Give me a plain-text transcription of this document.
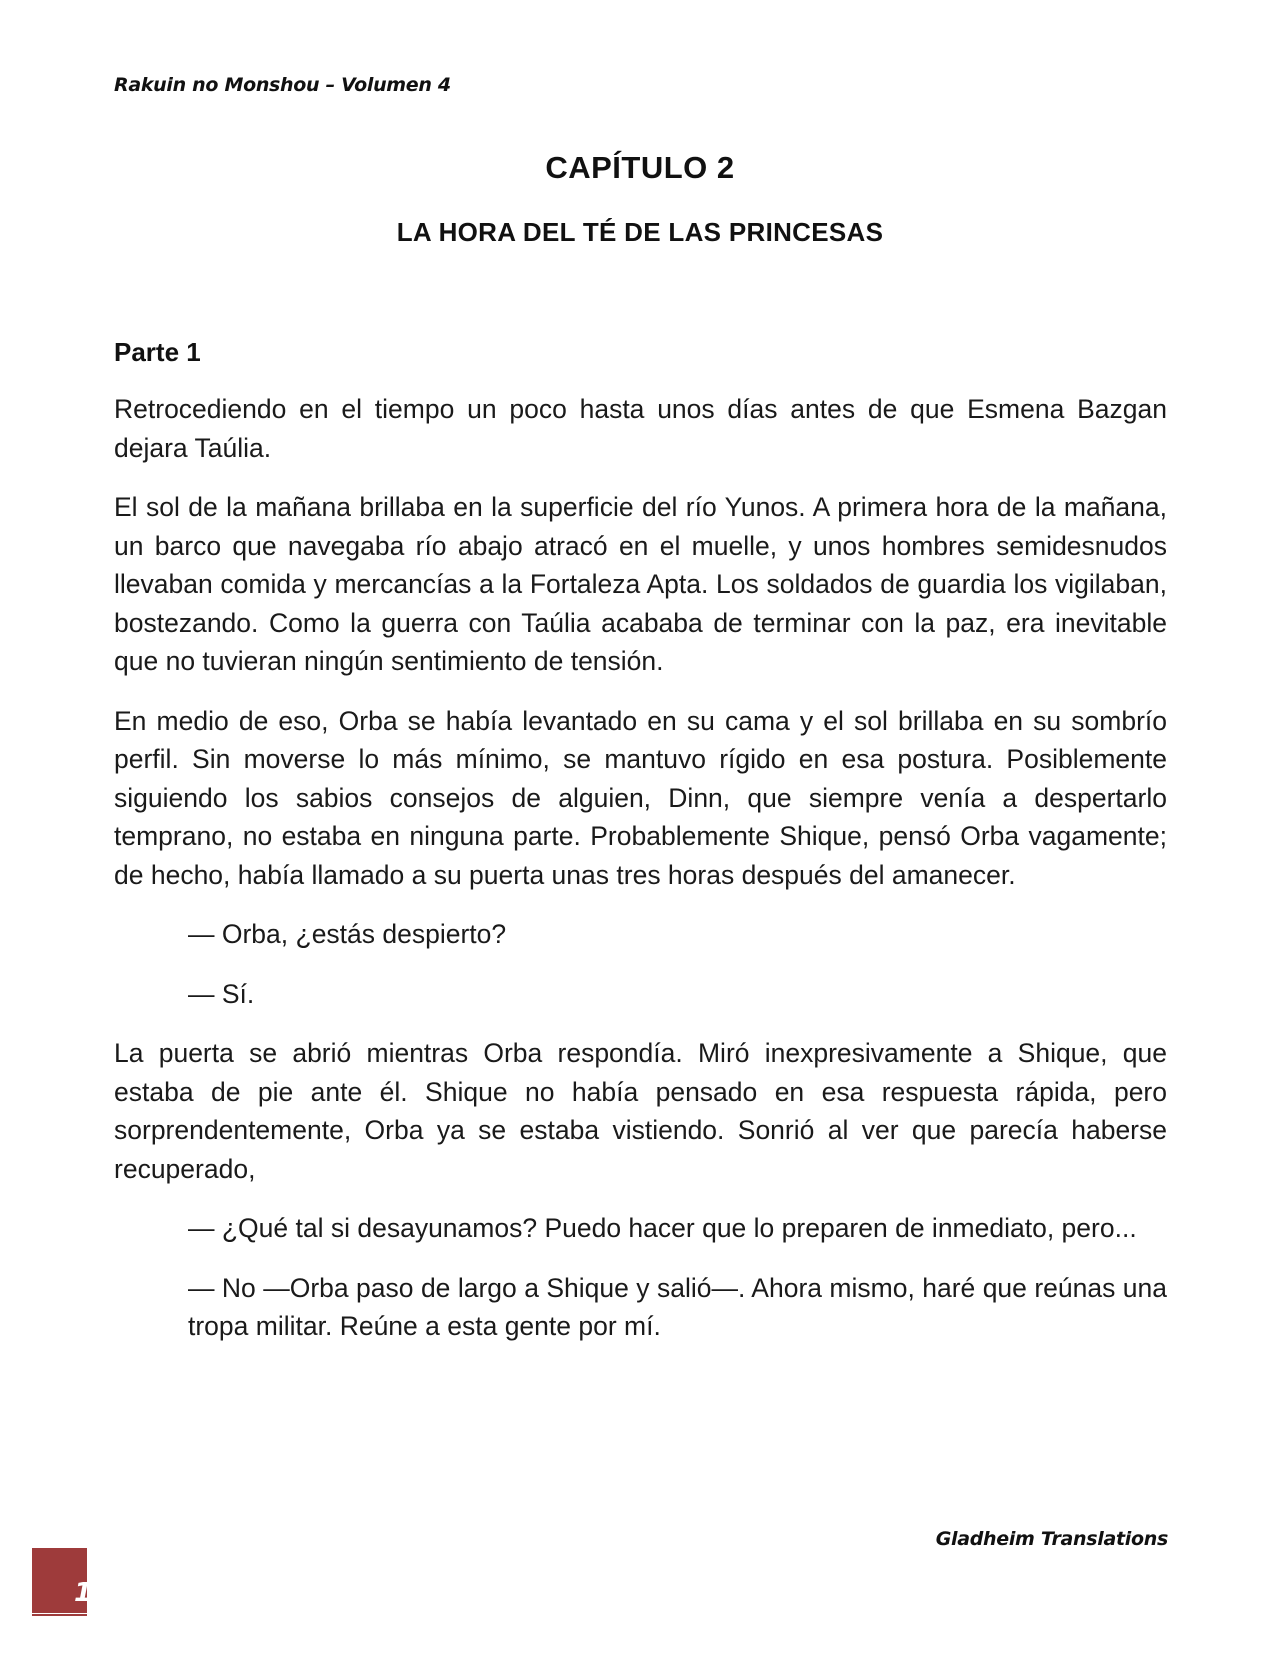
Rakuin no Monshou – Volumen 4
CAPÍTULO 2
LA HORA DEL TÉ DE LAS PRINCESAS
Parte 1

Retrocediendo en el tiempo un poco hasta unos días antes de que Esmena Bazgan dejara Taúlia.

El sol de la mañana brillaba en la superficie del río Yunos. A primera hora de la mañana, un barco que navegaba río abajo atracó en el muelle, y unos hombres semidesnudos llevaban comida y mercancías a la Fortaleza Apta. Los soldados de guardia los vigilaban, bostezando. Como la guerra con Taúlia acababa de terminar con la paz, era inevitable que no tuvieran ningún sentimiento de tensión.

En medio de eso, Orba se había levantado en su cama y el sol brillaba en su sombrío perfil. Sin moverse lo más mínimo, se mantuvo rígido en esa postura. Posiblemente siguiendo los sabios consejos de alguien, Dinn, que siempre venía a despertarlo temprano, no estaba en ninguna parte. Probablemente Shique, pensó Orba vagamente; de hecho, había llamado a su puerta unas tres horas después del amanecer.

— Orba, ¿estás despierto?

— Sí.

La puerta se abrió mientras Orba respondía. Miró inexpresivamente a Shique, que estaba de pie ante él. Shique no había pensado en esa respuesta rápida, pero sorprendentemente, Orba ya se estaba vistiendo. Sonrió al ver que parecía haberse recuperado,

— ¿Qué tal si desayunamos? Puedo hacer que lo preparen de inmediato, pero...

— No —Orba paso de largo a Shique y salió—. Ahora mismo, haré que reúnas una tropa militar. Reúne a esta gente por mí.

Gladheim Translations
1
